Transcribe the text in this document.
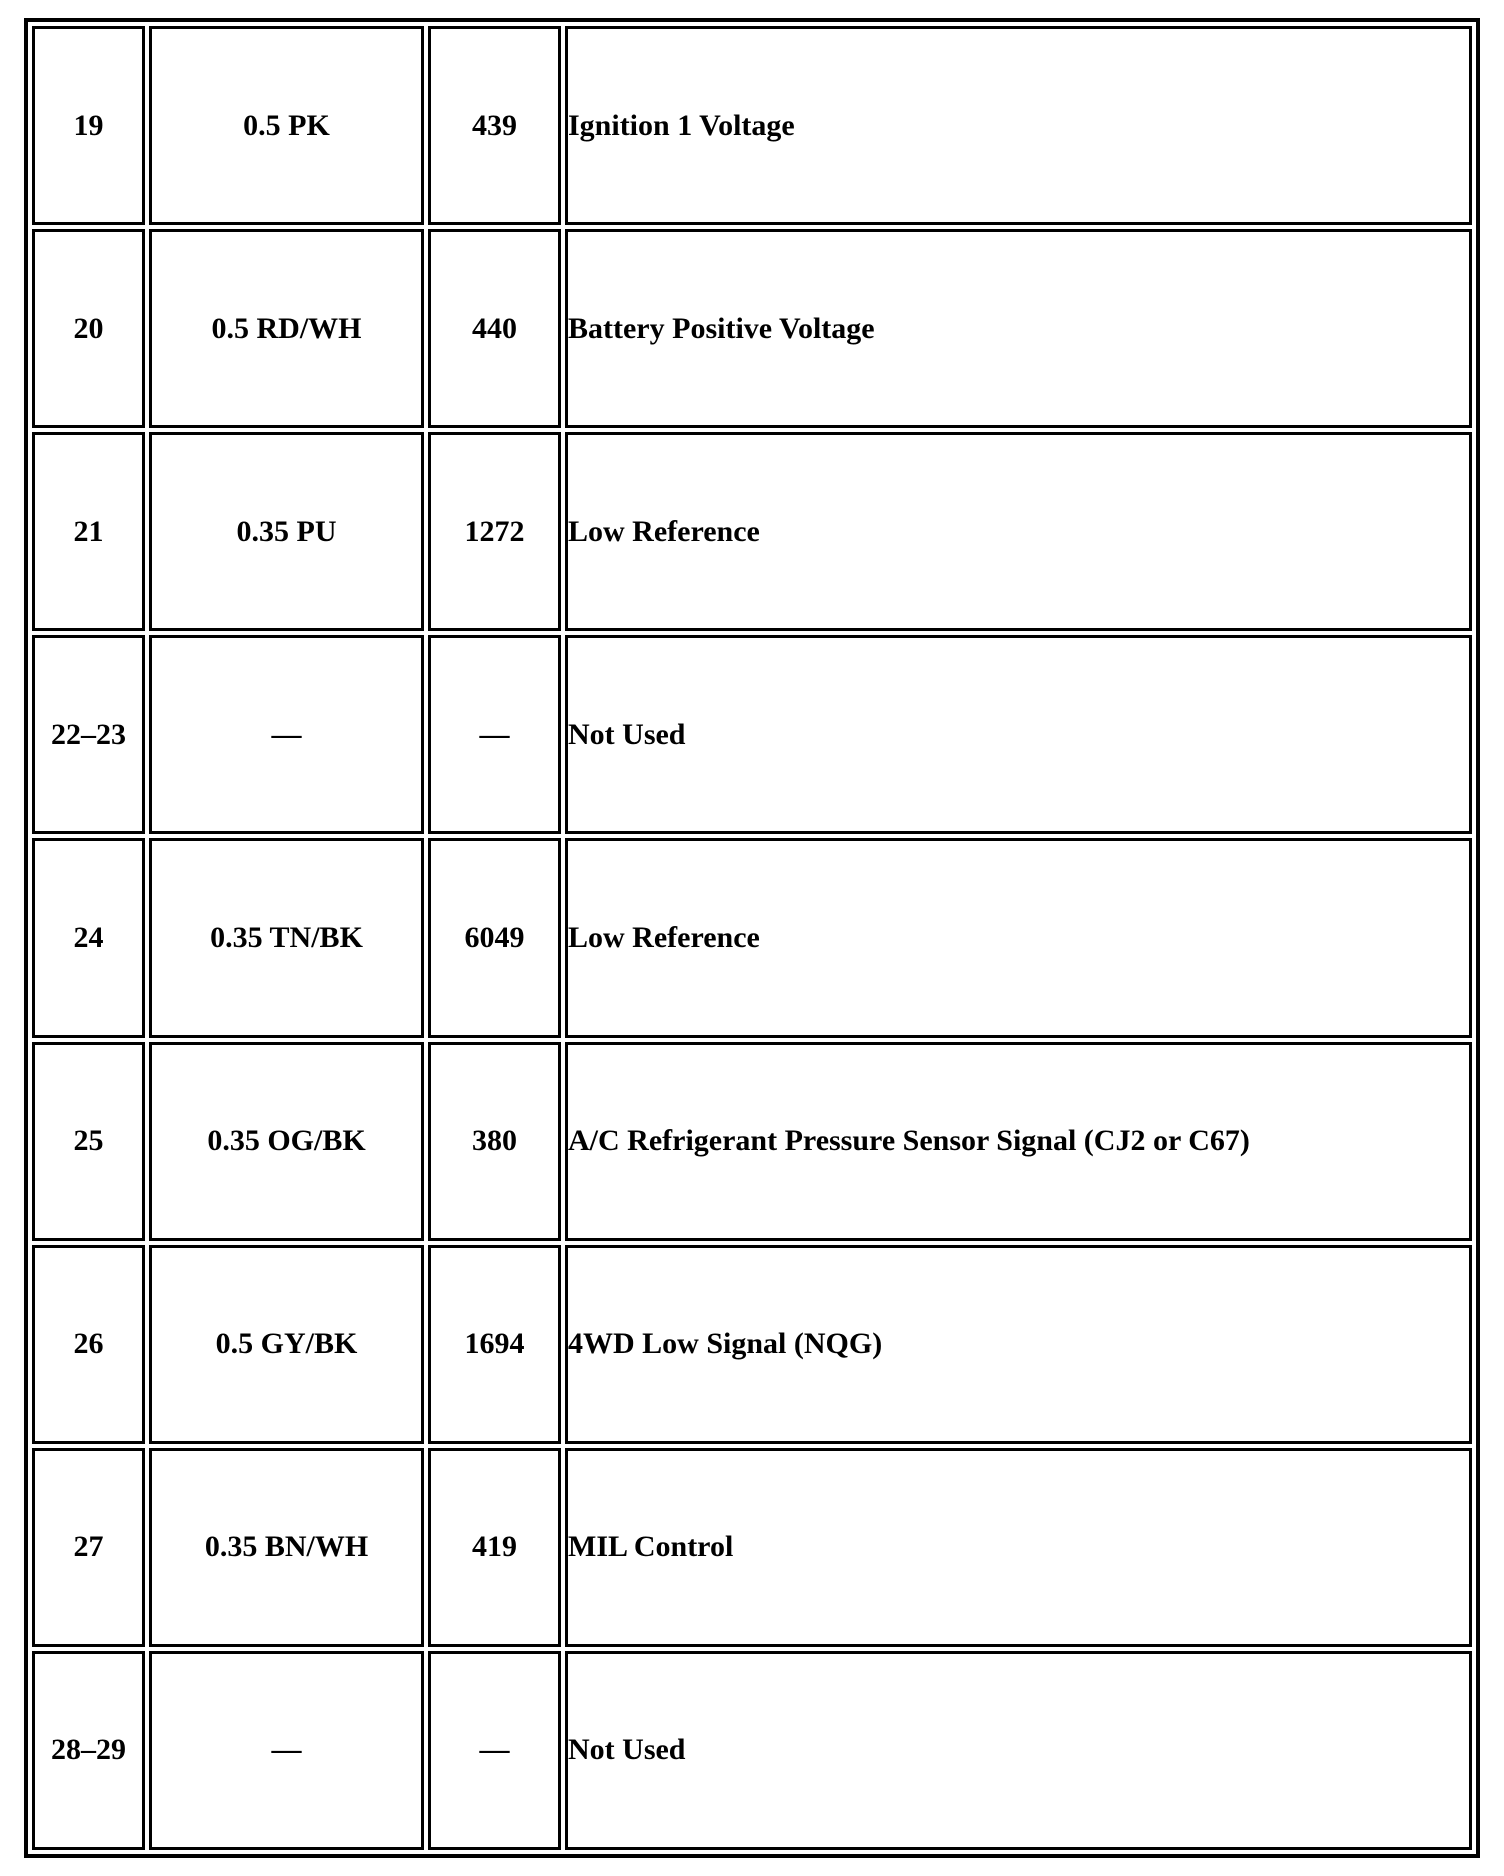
19	0.5 PK	439	Ignition 1 Voltage
20	0.5 RD/WH	440	Battery Positive Voltage
21	0.35 PU	1272	Low Reference
22–23	—	—	Not Used
24	0.35 TN/BK	6049	Low Reference
25	0.35 OG/BK	380	A/C Refrigerant Pressure Sensor Signal (CJ2 or C67)
26	0.5 GY/BK	1694	4WD Low Signal (NQG)
27	0.35 BN/WH	419	MIL Control
28–29	—	—	Not Used
